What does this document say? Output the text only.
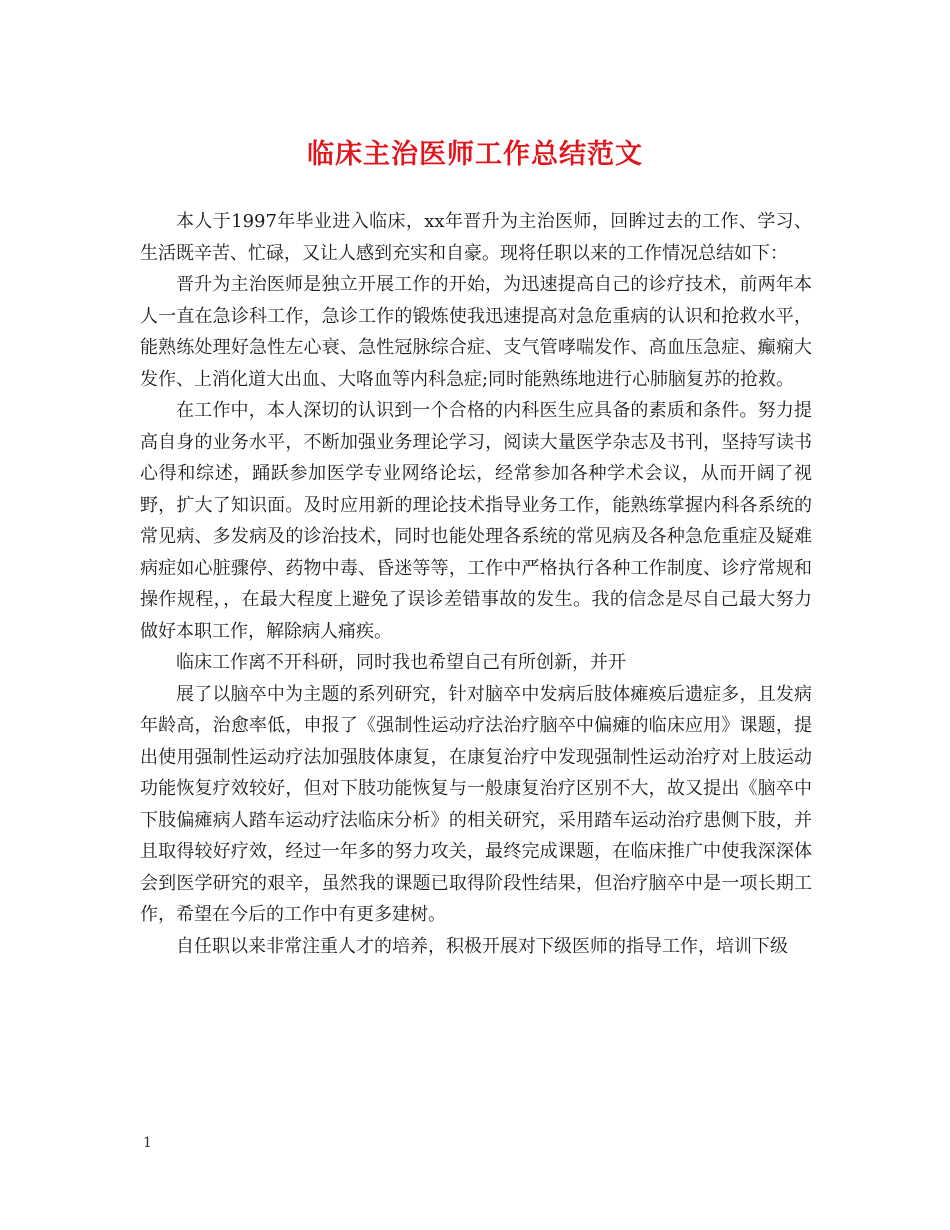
临床主治医师工作总结范文

本人于1997年毕业进入临床，xx年晋升为主治医师，回眸过去的工作、学习、生活既辛苦、忙碌，又让人感到充实和自豪。现将任职以来的工作情况总结如下：

晋升为主治医师是独立开展工作的开始，为迅速提高自己的诊疗技术，前两年本人一直在急诊科工作，急诊工作的锻炼使我迅速提高对急危重病的认识和抢救水平，能熟练处理好急性左心衰、急性冠脉综合症、支气管哮喘发作、高血压急症、癫痫大发作、上消化道大出血、大咯血等内科急症;同时能熟练地进行心肺脑复苏的抢救。

在工作中，本人深切的认识到一个合格的内科医生应具备的素质和条件。努力提高自身的业务水平，不断加强业务理论学习，阅读大量医学杂志及书刊，坚持写读书心得和综述，踊跃参加医学专业网络论坛，经常参加各种学术会议，从而开阔了视野，扩大了知识面。及时应用新的理论技术指导业务工作，能熟练掌握内科各系统的常见病、多发病及的诊治技术，同时也能处理各系统的常见病及各种急危重症及疑难病症如心脏骤停、药物中毒、昏迷等等，工作中严格执行各种工作制度、诊疗常规和操作规程，，在最大程度上避免了误诊差错事故的发生。我的信念是尽自己最大努力做好本职工作，解除病人痛疾。

临床工作离不开科研，同时我也希望自己有所创新，并开

展了以脑卒中为主题的系列研究，针对脑卒中发病后肢体瘫痪后遗症多，且发病年龄高，治愈率低，申报了《强制性运动疗法治疗脑卒中偏瘫的临床应用》课题，提出使用强制性运动疗法加强肢体康复，在康复治疗中发现强制性运动治疗对上肢运动功能恢复疗效较好，但对下肢功能恢复与一般康复治疗区别不大，故又提出《脑卒中下肢偏瘫病人踏车运动疗法临床分析》的相关研究，采用踏车运动治疗患侧下肢，并且取得较好疗效，经过一年多的努力攻关，最终完成课题，在临床推广中使我深深体会到医学研究的艰辛，虽然我的课题已取得阶段性结果，但治疗脑卒中是一项长期工作，希望在今后的工作中有更多建树。

自任职以来非常注重人才的培养，积极开展对下级医师的指导工作，培训下级

1
